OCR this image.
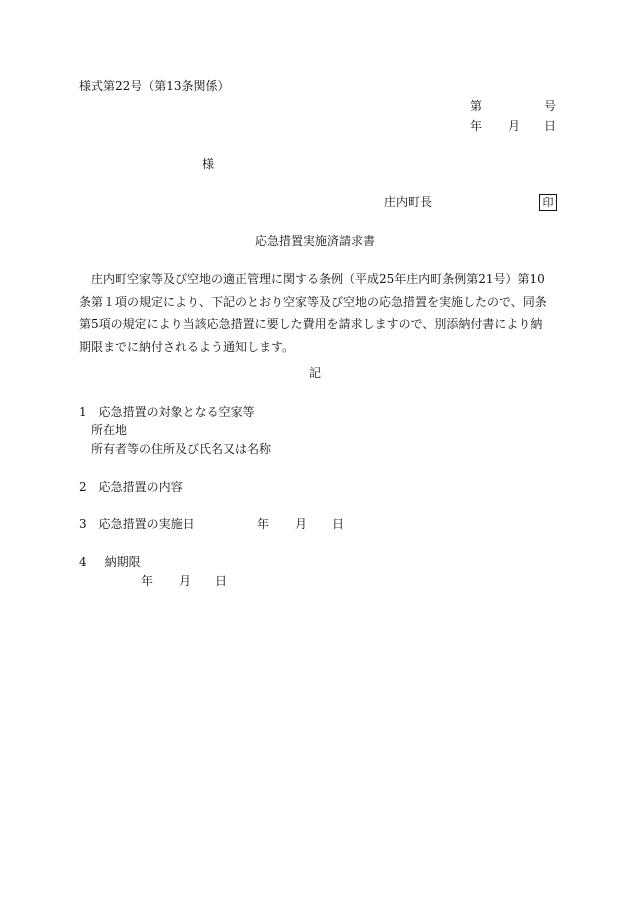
様式第22号（第13条関係）
第	号
年 月 日
様
庄内町長	印
応急措置実施済請求書

庄内町空家等及び空地の適正管理に関する条例（平成25年庄内町条例第21号）第10条第１項の規定により、下記のとおり空家等及び空地の応急措置を実施したので、同条第5項の規定により当該応急措置に要した費用を請求しますので、別添納付書により納期限までに納付されるよう通知します。

記
1 応急措置の対象となる空家等
所在地
所有者等の住所及び氏名又は名称
2 応急措置の内容
3 応急措置の実施日	年 月 日
4 納期限
年 月 日
